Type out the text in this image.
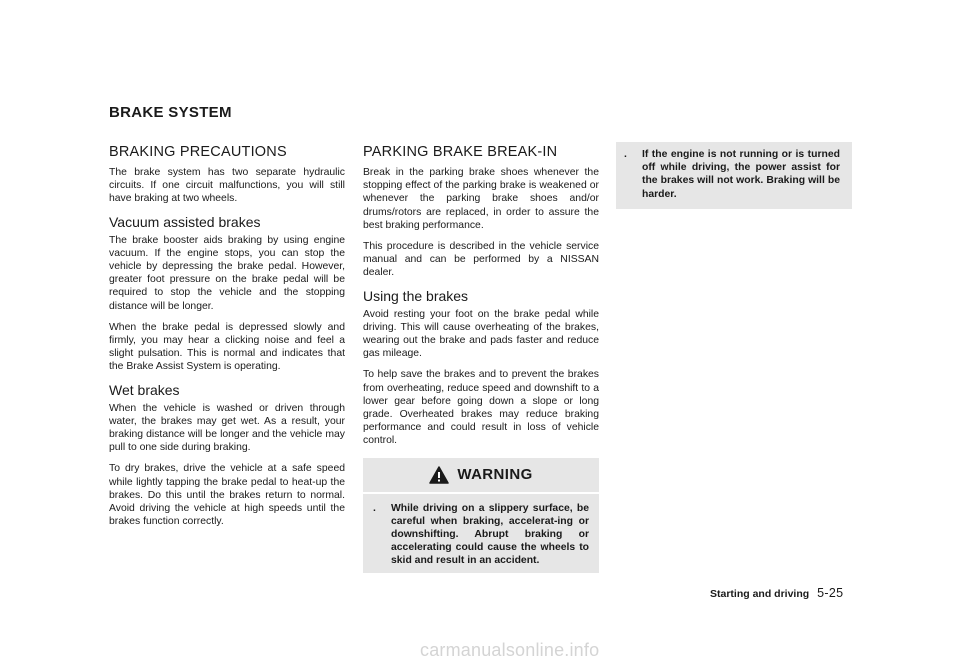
BRAKE SYSTEM
BRAKING PRECAUTIONS

The brake system has two separate hydraulic circuits. If one circuit malfunctions, you will still have braking at two wheels.

Vacuum assisted brakes

The brake booster aids braking by using engine vacuum. If the engine stops, you can stop the vehicle by depressing the brake pedal. However, greater foot pressure on the brake pedal will be required to stop the vehicle and the stopping distance will be longer.

When the brake pedal is depressed slowly and firmly, you may hear a clicking noise and feel a slight pulsation. This is normal and indicates that the Brake Assist System is operating.

Wet brakes

When the vehicle is washed or driven through water, the brakes may get wet. As a result, your braking distance will be longer and the vehicle may pull to one side during braking.

To dry brakes, drive the vehicle at a safe speed while lightly tapping the brake pedal to heat-up the brakes. Do this until the brakes return to normal. Avoid driving the vehicle at high speeds until the brakes function correctly.

PARKING BRAKE BREAK-IN

Break in the parking brake shoes whenever the stopping effect of the parking brake is weakened or whenever the parking brake shoes and/or drums/rotors are replaced, in order to assure the best braking performance.

This procedure is described in the vehicle service manual and can be performed by a NISSAN dealer.

Using the brakes

Avoid resting your foot on the brake pedal while driving. This will cause overheating of the brakes, wearing out the brake and pads faster and reduce gas mileage.

To help save the brakes and to prevent the brakes from overheating, reduce speed and downshift to a lower gear before going down a slope or long grade. Overheated brakes may reduce braking performance and could result in loss of vehicle control.

WARNING
.	While driving on a slippery surface, be careful when braking, accelerat-ing or downshifting. Abrupt braking or accelerating could cause the wheels to skid and result in an accident.

.	If the engine is not running or is turned off while driving, the power assist for the brakes will not work. Braking will be harder.

Starting and driving 5-25
carmanualsonline.info
